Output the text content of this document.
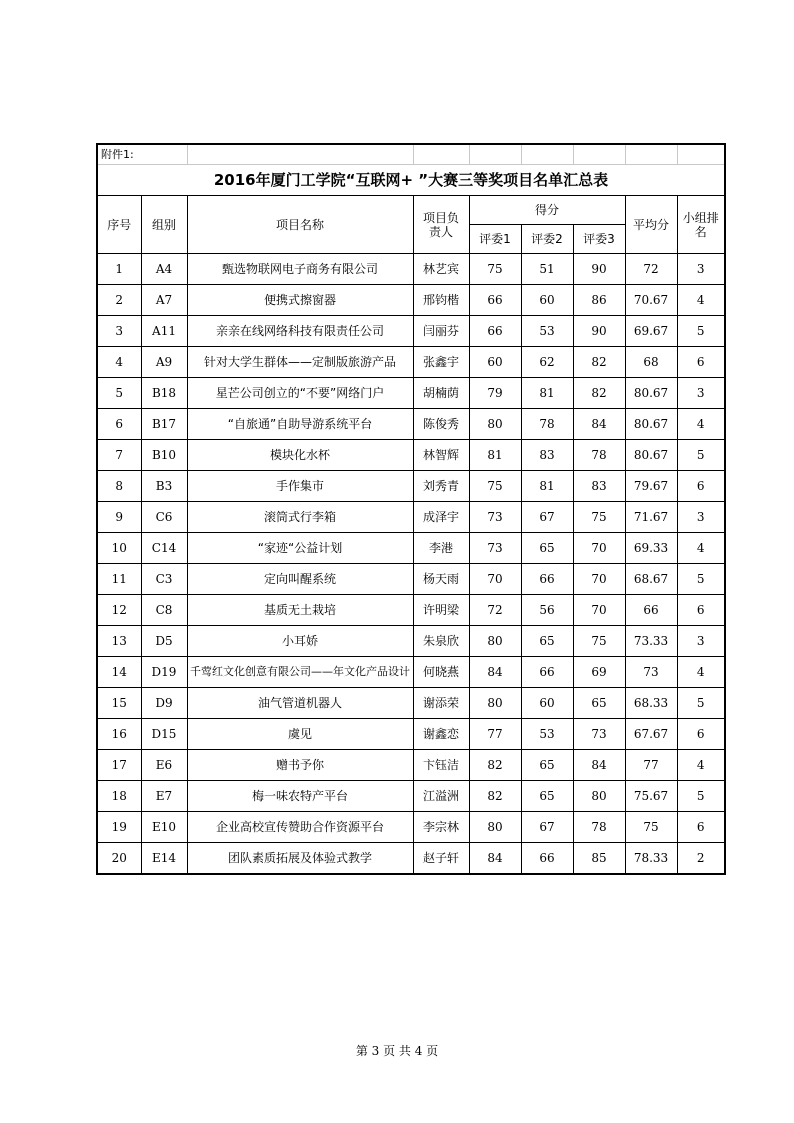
附件1:								
2016年厦门工学院“互联网+ ”大赛三等奖项目名单汇总表								
序号	组别	项目名称	项目负责人	得分			平均分	小组排名
				评委1	评委2	评委3		
1	A4	甄选物联网电子商务有限公司	林艺宾	75	51	90	72	3
2	A7	便携式擦窗器	邢钧楷	66	60	86	70.67	4
3	A11	亲亲在线网络科技有限责任公司	闫丽芬	66	53	90	69.67	5
4	A9	针对大学生群体——定制版旅游产品	张鑫宇	60	62	82	68	6
5	B18	星芒公司创立的“不要”网络门户	胡楠荫	79	81	82	80.67	3
6	B17	“自旅通”自助导游系统平台	陈俊秀	80	78	84	80.67	4
7	B10	模块化水杯	林智辉	81	83	78	80.67	5
8	B3	手作集市	刘秀青	75	81	83	79.67	6
9	C6	滚筒式行李箱	成泽宇	73	67	75	71.67	3
10	C14	“家迹“公益计划	李港	73	65	70	69.33	4
11	C3	定向叫醒系统	杨天雨	70	66	70	68.67	5
12	C8	基质无土栽培	许明梁	72	56	70	66	6
13	D5	小耳娇	朱泉欣	80	65	75	73.33	3
14	D19	千莺红文化创意有限公司——年文化产品设计	何晓燕	84	66	69	73	4
15	D9	油气管道机器人	谢添荣	80	60	65	68.33	5
16	D15	虞见	谢鑫恋	77	53	73	67.67	6
17	E6	赠书予你	卞钰洁	82	65	84	77	4
18	E7	梅一味农特产平台	江溢洲	82	65	80	75.67	5
19	E10	企业高校宣传赞助合作资源平台	李宗林	80	67	78	75	6
20	E14	团队素质拓展及体验式教学	赵子轩	84	66	85	78.33	2
第 3 页 共 4 页
